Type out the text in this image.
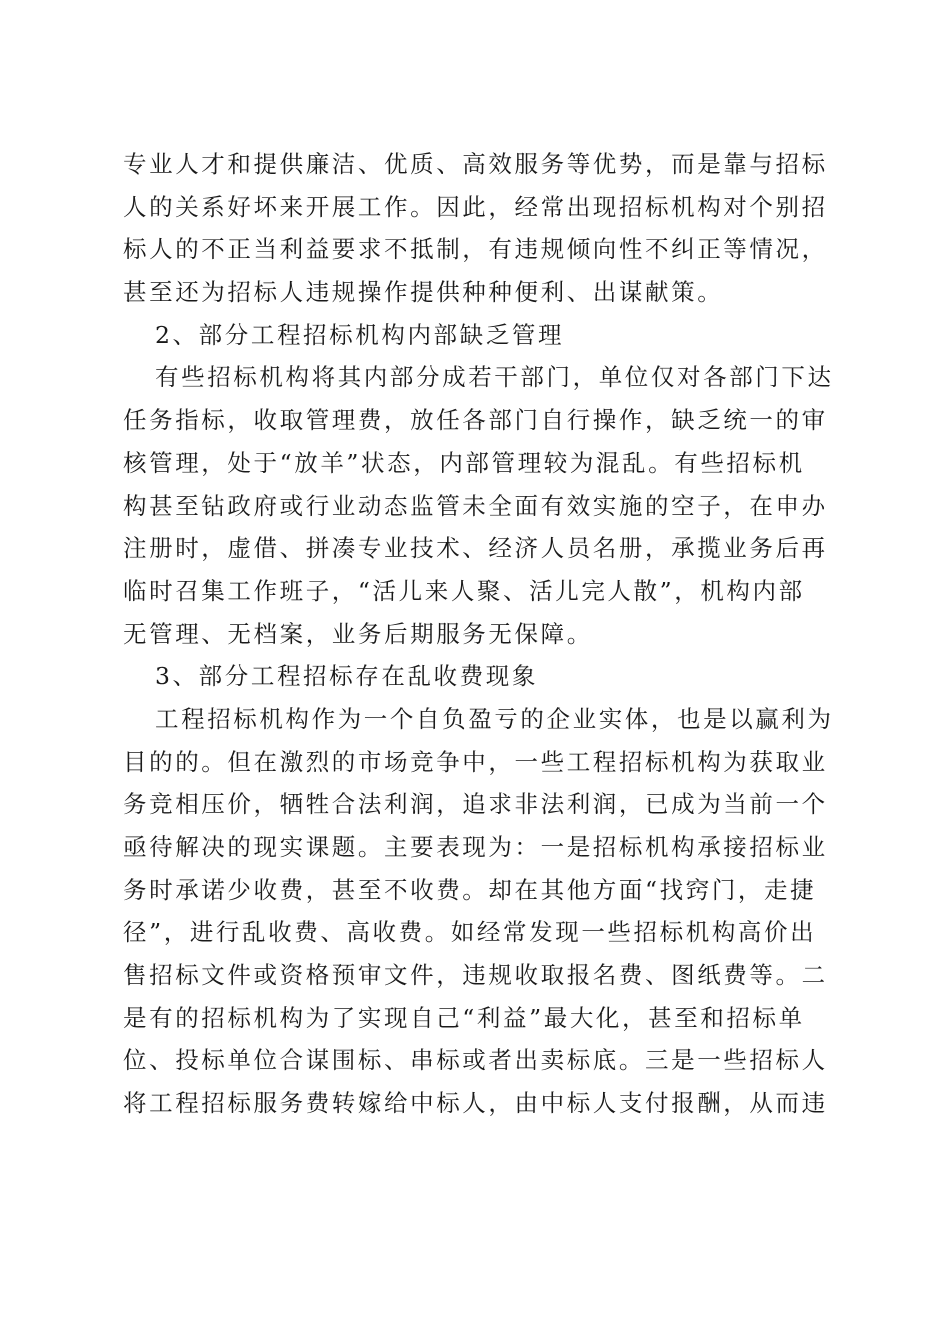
专业人才和提供廉洁、优质、高效服务等优势，而是靠与招标
人的关系好坏来开展工作。因此，经常出现招标机构对个别招
标人的不正当利益要求不抵制，有违规倾向性不纠正等情况，
甚至还为招标人违规操作提供种种便利、出谋献策。
2、部分工程招标机构内部缺乏管理
有些招标机构将其内部分成若干部门，单位仅对各部门下达
任务指标，收取管理费，放任各部门自行操作，缺乏统一的审
核管理，处于“放羊”状态，内部管理较为混乱。有些招标机
构甚至钻政府或行业动态监管未全面有效实施的空子，在申办
注册时，虚借、拼凑专业技术、经济人员名册，承揽业务后再
临时召集工作班子，“活儿来人聚、活儿完人散”，机构内部
无管理、无档案，业务后期服务无保障。
3、部分工程招标存在乱收费现象
工程招标机构作为一个自负盈亏的企业实体，也是以赢利为
目的的。但在激烈的市场竞争中，一些工程招标机构为获取业
务竞相压价，牺牲合法利润，追求非法利润，已成为当前一个
亟待解决的现实课题。主要表现为：一是招标机构承接招标业
务时承诺少收费，甚至不收费。却在其他方面“找窍门，走捷
径”，进行乱收费、高收费。如经常发现一些招标机构高价出
售招标文件或资格预审文件，违规收取报名费、图纸费等。二
是有的招标机构为了实现自己“利益”最大化，甚至和招标单
位、投标单位合谋围标、串标或者出卖标底。三是一些招标人
将工程招标服务费转嫁给中标人，由中标人支付报酬，从而违
